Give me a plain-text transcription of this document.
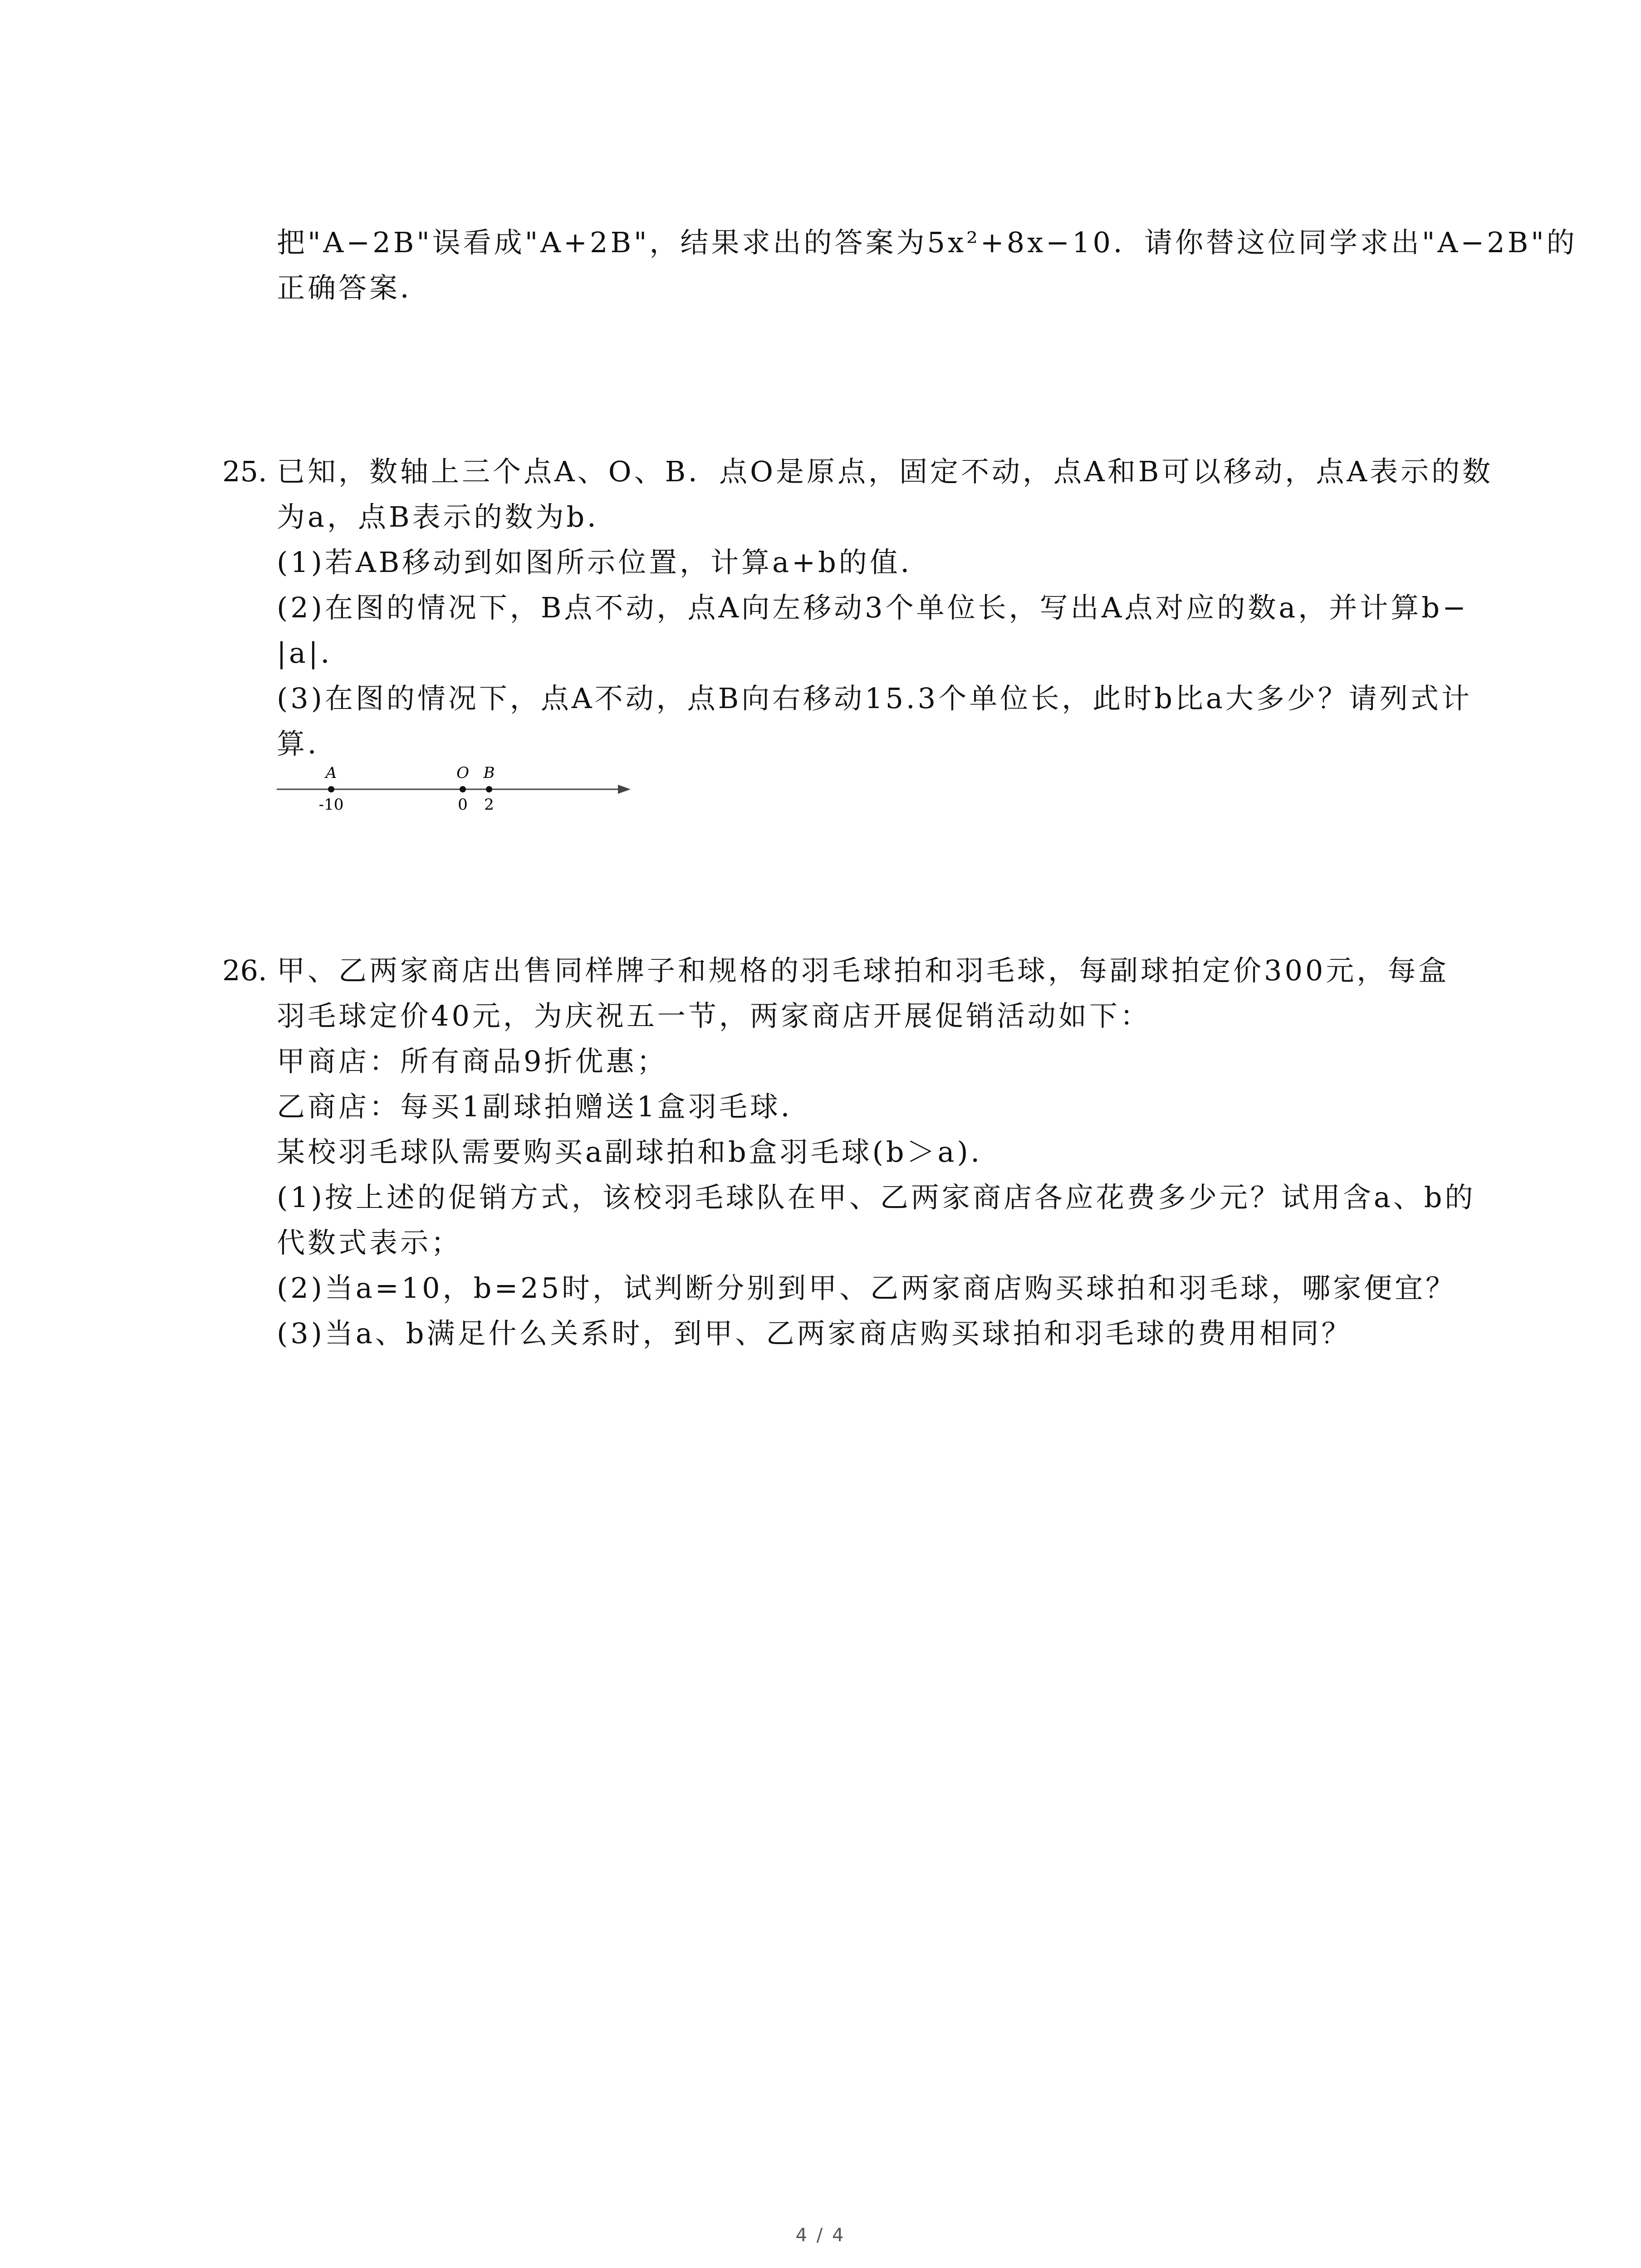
把"A−2B"误看成"A+2B"，结果求出的答案为5x²+8x−10．请你替这位同学求出"A−2B"的
正确答案．
25. 已知，数轴上三个点A、O、B．点O是原点，固定不动，点A和B可以移动，点A表示的数
为a，点B表示的数为b．
(1)若AB移动到如图所示位置，计算a+b的值．
(2)在图的情况下，B点不动，点A向左移动3个单位长，写出A点对应的数a，并计算b−
|a|．
(3)在图的情况下，点A不动，点B向右移动15.3个单位长，此时b比a大多少？请列式计
算．
A
-10
O
0
B
2
26. 甲、乙两家商店出售同样牌子和规格的羽毛球拍和羽毛球，每副球拍定价300元，每盒
羽毛球定价40元，为庆祝五一节，两家商店开展促销活动如下：
甲商店：所有商品9折优惠；
乙商店：每买1副球拍赠送1盒羽毛球．
某校羽毛球队需要购买a副球拍和b盒羽毛球(b＞a)．
(1)按上述的促销方式，该校羽毛球队在甲、乙两家商店各应花费多少元？试用含a、b的
代数式表示；
(2)当a=10，b=25时，试判断分别到甲、乙两家商店购买球拍和羽毛球，哪家便宜？
(3)当a、b满足什么关系时，到甲、乙两家商店购买球拍和羽毛球的费用相同？
4 / 4
